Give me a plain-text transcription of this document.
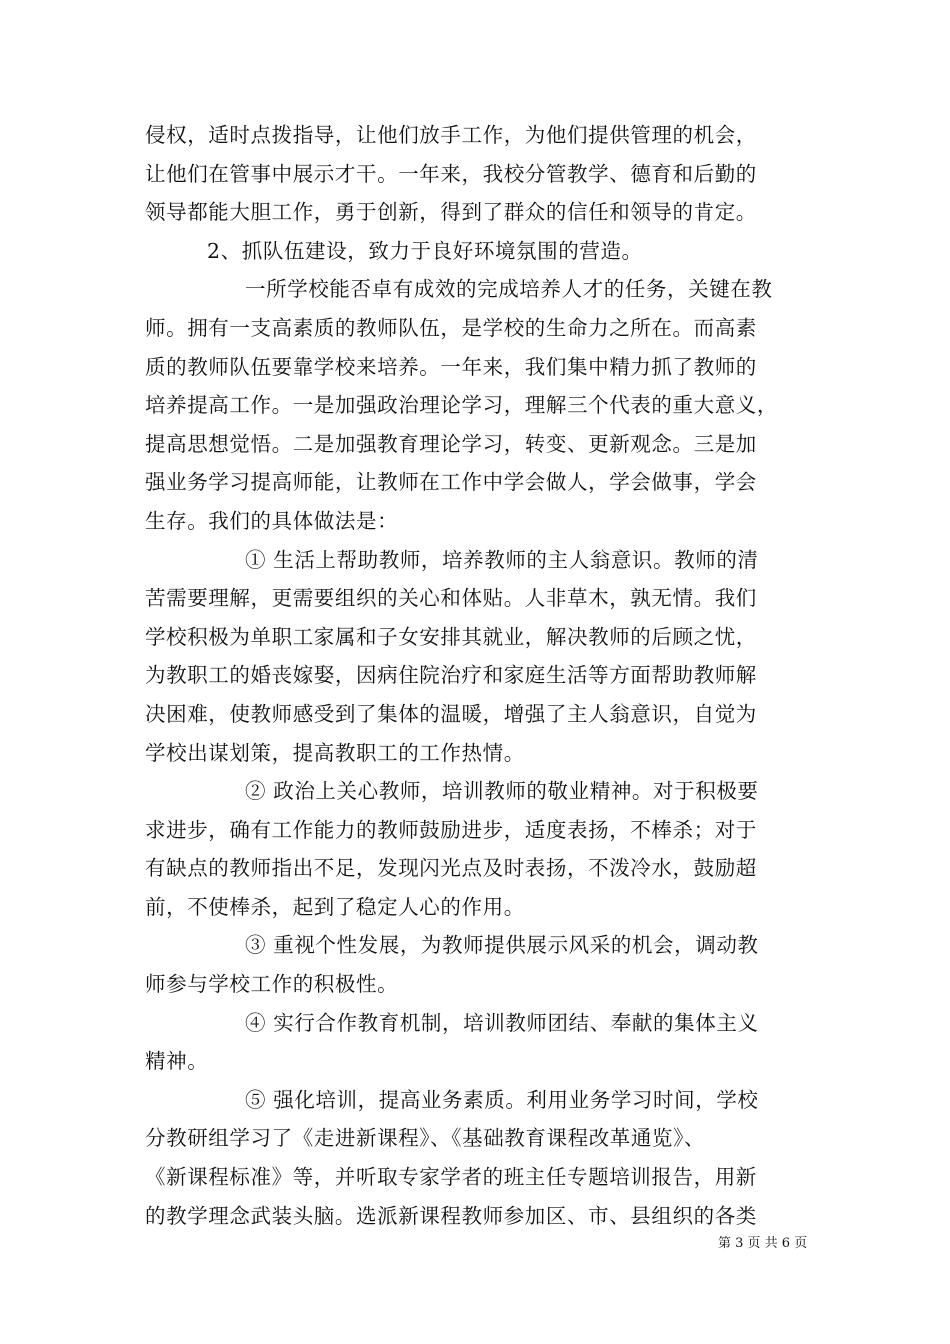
侵权，适时点拨指导，让他们放手工作，为他们提供管理的机会，
让他们在管事中展示才干。一年来，我校分管教学、德育和后勤的
领导都能大胆工作，勇于创新，得到了群众的信任和领导的肯定。
2、抓队伍建设，致力于良好环境氛围的营造。
一所学校能否卓有成效的完成培养人才的任务，关键在教
师。拥有一支高素质的教师队伍，是学校的生命力之所在。而高素
质的教师队伍要靠学校来培养。一年来，我们集中精力抓了教师的
培养提高工作。一是加强政治理论学习，理解三个代表的重大意义，
提高思想觉悟。二是加强教育理论学习，转变、更新观念。三是加
强业务学习提高师能，让教师在工作中学会做人，学会做事，学会
生存。我们的具体做法是：
① 生活上帮助教师，培养教师的主人翁意识。教师的清
苦需要理解，更需要组织的关心和体贴。人非草木，孰无情。我们
学校积极为单职工家属和子女安排其就业，解决教师的后顾之忧，
为教职工的婚丧嫁娶，因病住院治疗和家庭生活等方面帮助教师解
决困难，使教师感受到了集体的温暖，增强了主人翁意识，自觉为
学校出谋划策，提高教职工的工作热情。
② 政治上关心教师，培训教师的敬业精神。对于积极要
求进步，确有工作能力的教师鼓励进步，适度表扬，不棒杀；对于
有缺点的教师指出不足，发现闪光点及时表扬，不泼冷水，鼓励超
前，不使棒杀，起到了稳定人心的作用。
③ 重视个性发展，为教师提供展示风采的机会，调动教
师参与学校工作的积极性。
④ 实行合作教育机制，培训教师团结、奉献的集体主义
精神。
⑤ 强化培训，提高业务素质。利用业务学习时间，学校
分教研组学习了《走进新课程》、《基础教育课程改革通览》、
《新课程标准》等，并听取专家学者的班主任专题培训报告，用新
的教学理念武装头脑。选派新课程教师参加区、市、县组织的各类
第 3 页 共 6 页
